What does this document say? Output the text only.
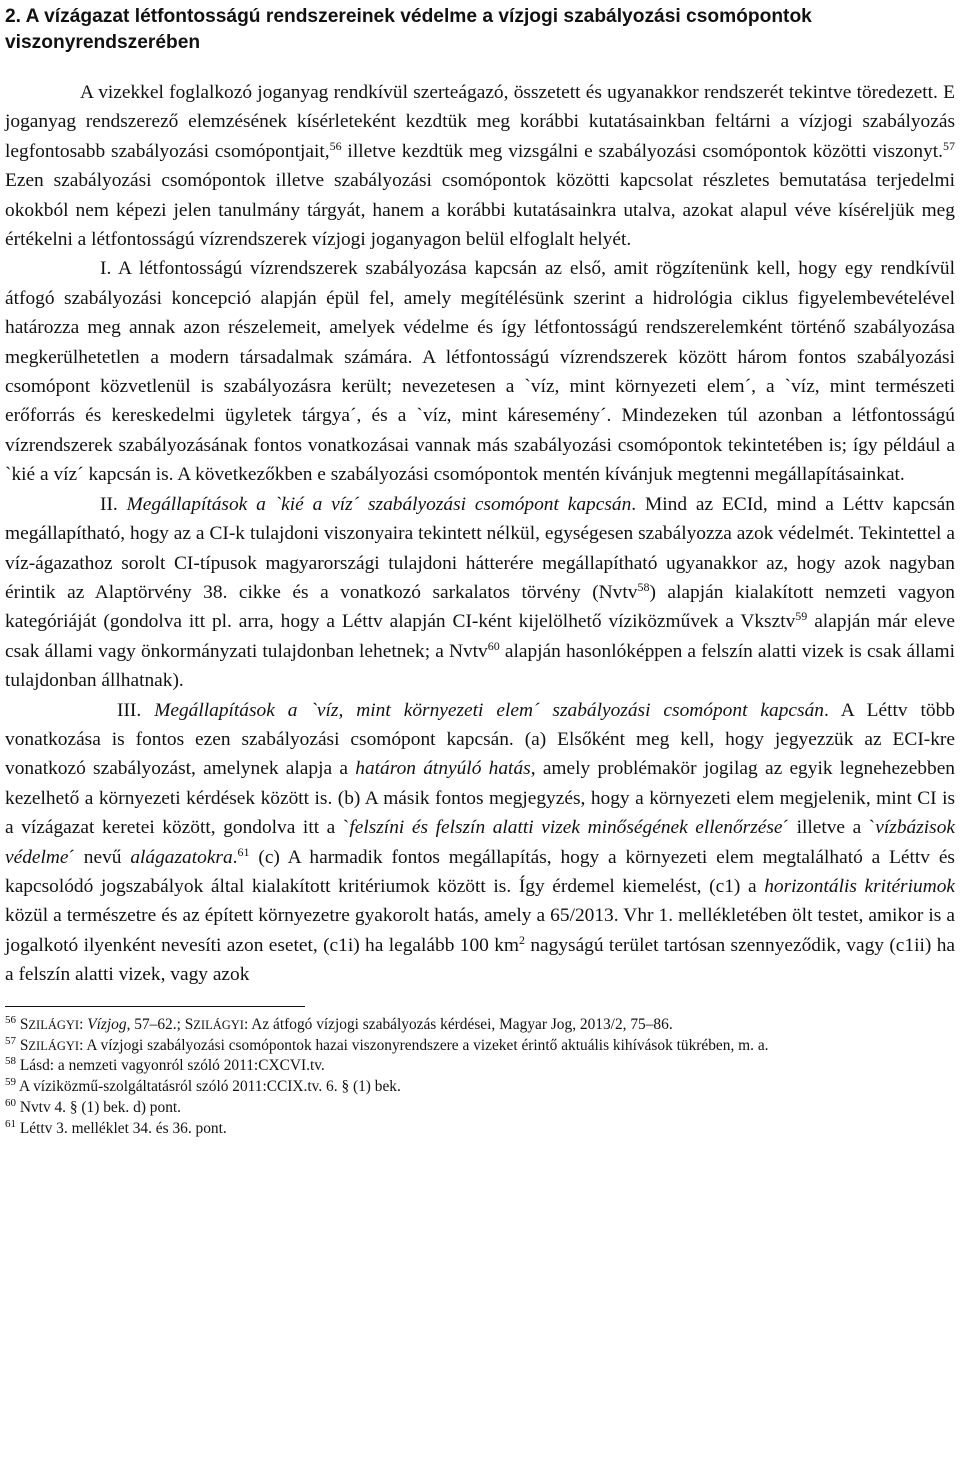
2. A vízágazat létfontosságú rendszereinek védelme a vízjogi szabályozási csomópontok
viszonyrendszerében

A vizekkel foglalkozó joganyag rendkívül szerteágazó, összetett és ugyanakkor rendszerét tekintve töredezett. E joganyag rendszerező elemzésének kísérleteként kezdtük meg korábbi kutatásainkban feltárni a vízjogi szabályozás legfontosabb szabályozási csomópontjait,$^{56}$ illetve kezdtük meg vizsgálni e szabályozási csomópontok közötti viszonyt.$^{57}$ Ezen szabályozási csomópontok illetve szabályozási csomópontok közötti kapcsolat részletes bemutatása terjedelmi okokból nem képezi jelen tanulmány tárgyát, hanem a korábbi kutatásainkra utalva, azokat alapul véve kíséreljük meg értékelni a létfontosságú vízrendszerek vízjogi joganyagon belül elfoglalt helyét.

I. A létfontosságú vízrendszerek szabályozása kapcsán az első, amit rögzítenünk kell, hogy egy rendkívül átfogó szabályozási koncepció alapján épül fel, amely megítélésünk szerint a hidrológia ciklus figyelembevételével határozza meg annak azon részelemeit, amelyek védelme és így létfontosságú rendszerelemként történő szabályozása megkerülhetetlen a modern társadalmak számára. A létfontosságú vízrendszerek között három fontos szabályozási csomópont közvetlenül is szabályozásra került; nevezetesen a `víz, mint környezeti elem´, a `víz, mint természeti erőforrás és kereskedelmi ügyletek tárgya´, és a `víz, mint káresemény´. Mindezeken túl azonban a létfontosságú vízrendszerek szabályozásának fontos vonatkozásai vannak más szabályozási csomópontok tekintetében is; így például a `kié a víz´ kapcsán is. A következőkben e szabályozási csomópontok mentén kívánjuk megtenni megállapításainkat.

II. Megállapítások a `kié a víz´ szabályozási csomópont kapcsán. Mind az ECId, mind a Léttv kapcsán megállapítható, hogy az a CI-k tulajdoni viszonyaira tekintett nélkül, egységesen szabályozza azok védelmét. Tekintettel a víz-ágazathoz sorolt CI-típusok magyarországi tulajdoni hátterére megállapítható ugyanakkor az, hogy azok nagyban érintik az Alaptörvény 38. cikke és a vonatkozó sarkalatos törvény (Nvtv$^{58}$) alapján kialakított nemzeti vagyon kategóriáját (gondolva itt pl. arra, hogy a Léttv alapján CI-ként kijelölhető víziközművek a Vksztv$^{59}$ alapján már eleve csak állami vagy önkormányzati tulajdonban lehetnek; a Nvtv$^{60}$ alapján hasonlóképpen a felszín alatti vizek is csak állami tulajdonban állhatnak).

III. Megállapítások a `víz, mint környezeti elem´ szabályozási csomópont kapcsán. A Léttv több vonatkozása is fontos ezen szabályozási csomópont kapcsán. (a) Elsőként meg kell, hogy jegyezzük az ECI-kre vonatkozó szabályozást, amelynek alapja a határon átnyúló hatás, amely problémakör jogilag az egyik legnehezebben kezelhető a környezeti kérdések között is. (b) A másik fontos megjegyzés, hogy a környezeti elem megjelenik, mint CI is a vízágazat keretei között, gondolva itt a `felszíni és felszín alatti vizek minőségének ellenőrzése´ illetve a `vízbázisok védelme´ nevű alágazatokra.$^{61}$ (c) A harmadik fontos megállapítás, hogy a környezeti elem megtalálható a Léttv és kapcsolódó jogszabályok által kialakított kritériumok között is. Így érdemel kiemelést, (c1) a horizontális kritériumok közül a természetre és az épített környezetre gyakorolt hatás, amely a 65/2013. Vhr 1. mellékletében ölt testet, amikor is a jogalkotó ilyenként nevesíti azon esetet, (c1i) ha legalább 100 $km^2$ nagyságú terület tartósan szennyeződik, vagy (c1ii) ha a felszín alatti vizek, vagy azok

$^{56}$ SZILÁGYI: Vízjog, 57–62.; SZILÁGYI: Az átfogó vízjogi szabályozás kérdései, Magyar Jog, 2013/2, 75–86.

$^{57}$ SZILÁGYI: A vízjogi szabályozási csomópontok hazai viszonyrendszere a vizeket érintő aktuális kihívások tükrében, m. a.

$^{58}$ Lásd: a nemzeti vagyonról szóló 2011:CXCVI.tv.

$^{59}$ A víziközmű-szolgáltatásról szóló 2011:CCIX.tv. 6. § (1) bek.

$^{60}$ Nvtv 4. § (1) bek. d) pont.

$^{61}$ Léttv 3. melléklet 34. és 36. pont.
